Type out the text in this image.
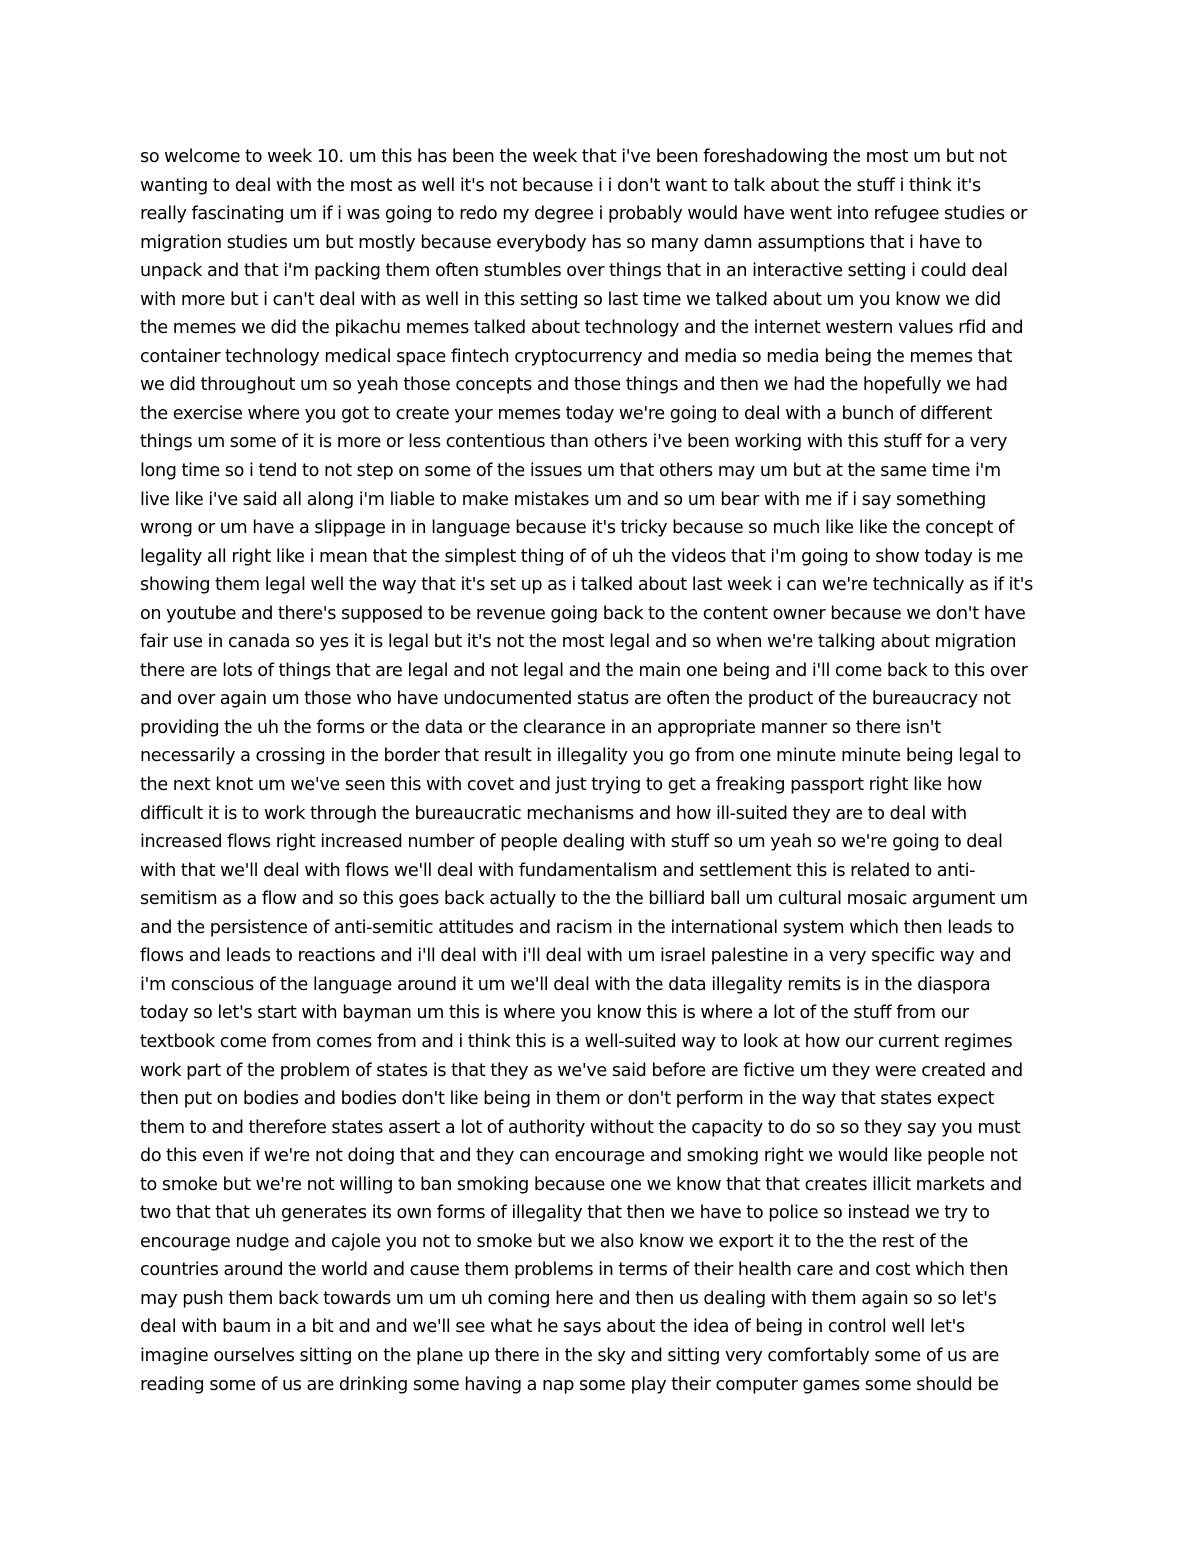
so welcome to week 10. um this has been the week that i've been foreshadowing the most um but not
wanting to deal with the most as well it's not because i i don't want to talk about the stuff i think it's
really fascinating um if i was going to redo my degree i probably would have went into refugee studies or
migration studies um but mostly because everybody has so many damn assumptions that i have to
unpack and that i'm packing them often stumbles over things that in an interactive setting i could deal
with more but i can't deal with as well in this setting so last time we talked about um you know we did
the memes we did the pikachu memes talked about technology and the internet western values rfid and
container technology medical space fintech cryptocurrency and media so media being the memes that
we did throughout um so yeah those concepts and those things and then we had the hopefully we had
the exercise where you got to create your memes today we're going to deal with a bunch of different
things um some of it is more or less contentious than others i've been working with this stuff for a very
long time so i tend to not step on some of the issues um that others may um but at the same time i'm
live like i've said all along i'm liable to make mistakes um and so um bear with me if i say something
wrong or um have a slippage in in language because it's tricky because so much like like the concept of
legality all right like i mean that the simplest thing of of uh the videos that i'm going to show today is me
showing them legal well the way that it's set up as i talked about last week i can we're technically as if it's
on youtube and there's supposed to be revenue going back to the content owner because we don't have
fair use in canada so yes it is legal but it's not the most legal and so when we're talking about migration
there are lots of things that are legal and not legal and the main one being and i'll come back to this over
and over again um those who have undocumented status are often the product of the bureaucracy not
providing the uh the forms or the data or the clearance in an appropriate manner so there isn't
necessarily a crossing in the border that result in illegality you go from one minute minute being legal to
the next knot um we've seen this with covet and just trying to get a freaking passport right like how
difficult it is to work through the bureaucratic mechanisms and how ill-suited they are to deal with
increased flows right increased number of people dealing with stuff so um yeah so we're going to deal
with that we'll deal with flows we'll deal with fundamentalism and settlement this is related to anti-
semitism as a flow and so this goes back actually to the the billiard ball um cultural mosaic argument um
and the persistence of anti-semitic attitudes and racism in the international system which then leads to
flows and leads to reactions and i'll deal with i'll deal with um israel palestine in a very specific way and
i'm conscious of the language around it um we'll deal with the data illegality remits is in the diaspora
today so let's start with bayman um this is where you know this is where a lot of the stuff from our
textbook come from comes from and i think this is a well-suited way to look at how our current regimes
work part of the problem of states is that they as we've said before are fictive um they were created and
then put on bodies and bodies don't like being in them or don't perform in the way that states expect
them to and therefore states assert a lot of authority without the capacity to do so so they say you must
do this even if we're not doing that and they can encourage and smoking right we would like people not
to smoke but we're not willing to ban smoking because one we know that that creates illicit markets and
two that that uh generates its own forms of illegality that then we have to police so instead we try to
encourage nudge and cajole you not to smoke but we also know we export it to the the rest of the
countries around the world and cause them problems in terms of their health care and cost which then
may push them back towards um um uh coming here and then us dealing with them again so so let's
deal with baum in a bit and and we'll see what he says about the idea of being in control well let's
imagine ourselves sitting on the plane up there in the sky and sitting very comfortably some of us are
reading some of us are drinking some having a nap some play their computer games some should be
